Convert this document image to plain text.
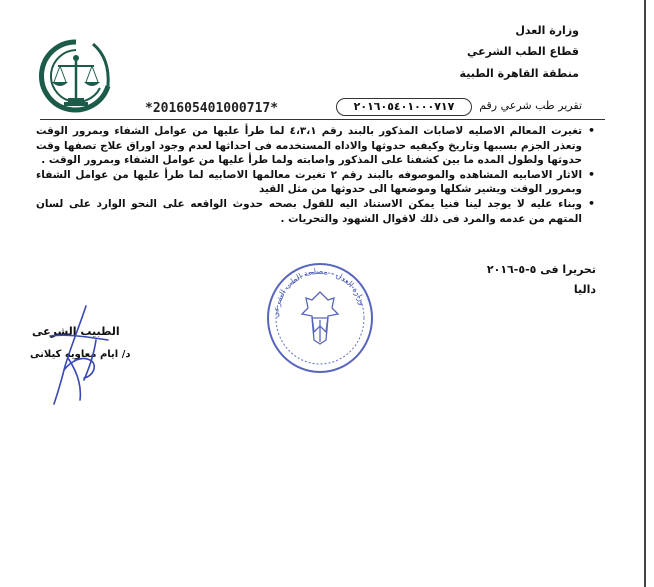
وزارة العدل
قطاع الطب الشرعي
منطقة القاهرة الطبية
*201605401000717*	٢٠١٦٠٥٤٠١٠٠٠٧١٧	تقرير طب شرعي رقم
• تغيرت المعالم الاصليه لاصابات المذكور بالبند رقم ٤،٣،١ لما طرأ عليها من عوامل الشفاء وبمرور الوقت وتعذر الجزم بسببها وتاريخ وكيفيه حدوثها والاداه المستخدمه فى احداثها لعدم وجود اوراق علاج تصفها وقت حدوثها ولطول المده ما بين كشفنا على المذكور واصابته ولما طرأ عليها من عوامل الشفاء وبمرور الوقت .
• الاثار الاصابيه المشاهده والموصوفه بالبند رقم ٢ تغيرت معالمها الاصابيه لما طرأ عليها من عوامل الشفاء وبمرور الوقت ويشير شكلها وموضعها الى حدوثها من مثل القيد
• وبناء عليه لا يوجد لينا فنيا يمكن الاستناد اليه للقول بصحه حدوث الواقعه على النحو الوارد على لسان المتهم من عدمه والمرد فى ذلك لاقوال الشهود والتحريات .
وزارة العدل - مصلحة الطب الشرعي
تحريرا فى ٥-٥-٢٠١٦
داليا
الطبيب الشرعى
د/ ايام معاويه كيلانى
